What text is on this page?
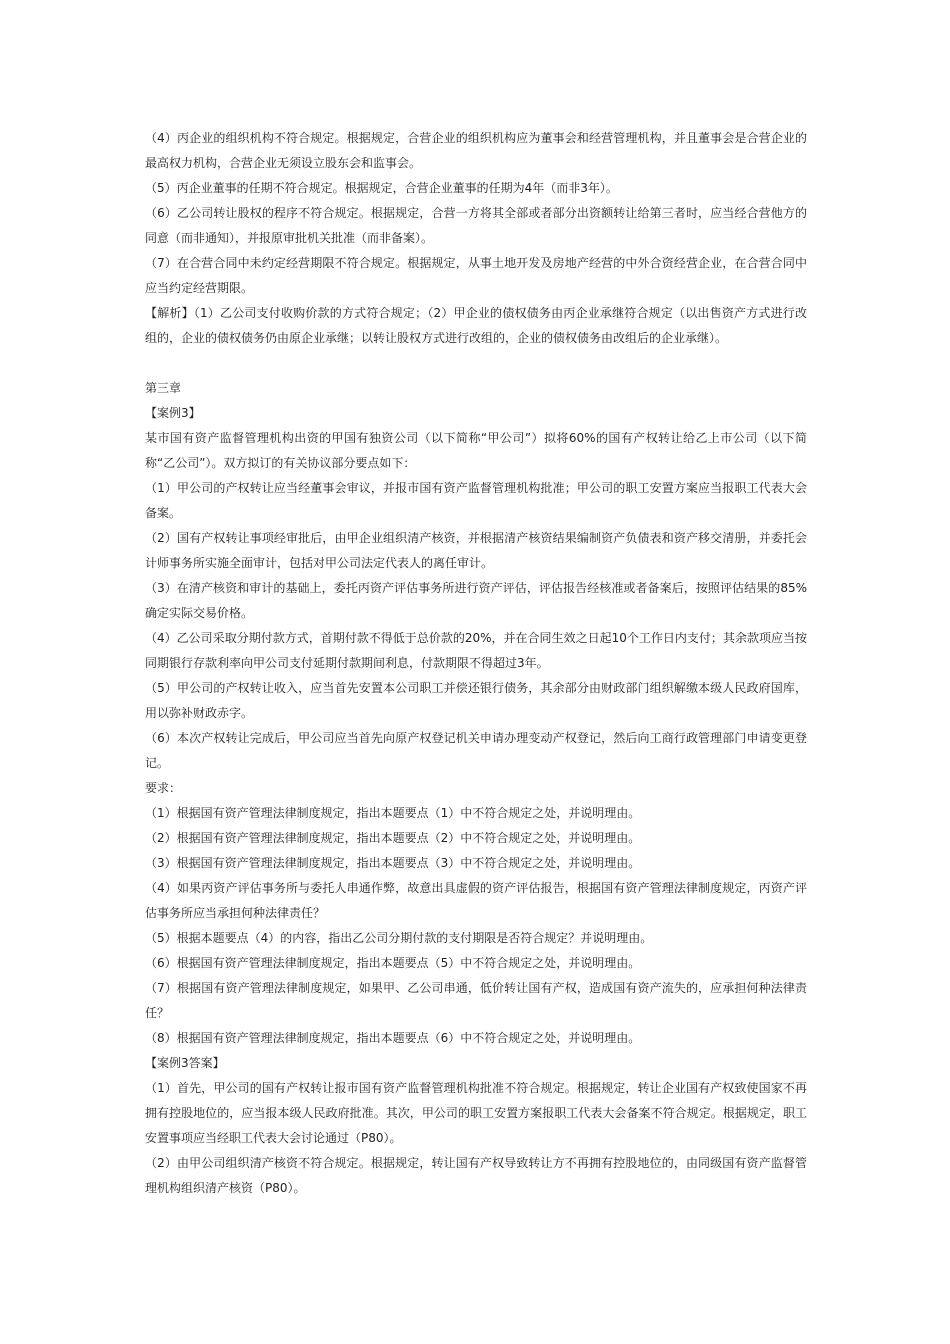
（4）丙企业的组织机构不符合规定。根据规定，合营企业的组织机构应为董事会和经营管理机构，并且董事会是合营企业的最高权力机构，合营企业无须设立股东会和监事会。

（5）丙企业董事的任期不符合规定。根据规定，合营企业董事的任期为4年（而非3年）。

（6）乙公司转让股权的程序不符合规定。根据规定，合营一方将其全部或者部分出资额转让给第三者时，应当经合营他方的同意（而非通知），并报原审批机关批准（而非备案）。

（7）在合营合同中未约定经营期限不符合规定。根据规定，从事土地开发及房地产经营的中外合资经营企业，在合营合同中应当约定经营期限。

【解析】（1）乙公司支付收购价款的方式符合规定；（2）甲企业的债权债务由丙企业承继符合规定（以出售资产方式进行改组的，企业的债权债务仍由原企业承继；以转让股权方式进行改组的，企业的债权债务由改组后的企业承继）。

第三章

【案例3】

某市国有资产监督管理机构出资的甲国有独资公司（以下简称“甲公司”）拟将60%的国有产权转让给乙上市公司（以下简称“乙公司”）。双方拟订的有关协议部分要点如下：

（1）甲公司的产权转让应当经董事会审议，并报市国有资产监督管理机构批准；甲公司的职工安置方案应当报职工代表大会备案。

（2）国有产权转让事项经审批后，由甲企业组织清产核资，并根据清产核资结果编制资产负债表和资产移交清册，并委托会计师事务所实施全面审计，包括对甲公司法定代表人的离任审计。

（3）在清产核资和审计的基础上，委托丙资产评估事务所进行资产评估，评估报告经核准或者备案后，按照评估结果的85%确定实际交易价格。

（4）乙公司采取分期付款方式，首期付款不得低于总价款的20%，并在合同生效之日起10个工作日内支付；其余款项应当按同期银行存款利率向甲公司支付延期付款期间利息，付款期限不得超过3年。

（5）甲公司的产权转让收入，应当首先安置本公司职工并偿还银行债务，其余部分由财政部门组织解缴本级人民政府国库，用以弥补财政赤字。

（6）本次产权转让完成后，甲公司应当首先向原产权登记机关申请办理变动产权登记，然后向工商行政管理部门申请变更登记。

要求：

（1）根据国有资产管理法律制度规定，指出本题要点（1）中不符合规定之处，并说明理由。

（2）根据国有资产管理法律制度规定，指出本题要点（2）中不符合规定之处，并说明理由。

（3）根据国有资产管理法律制度规定，指出本题要点（3）中不符合规定之处，并说明理由。

（4）如果丙资产评估事务所与委托人串通作弊，故意出具虚假的资产评估报告，根据国有资产管理法律制度规定，丙资产评估事务所应当承担何种法律责任？

（5）根据本题要点（4）的内容，指出乙公司分期付款的支付期限是否符合规定？并说明理由。

（6）根据国有资产管理法律制度规定，指出本题要点（5）中不符合规定之处，并说明理由。

（7）根据国有资产管理法律制度规定，如果甲、乙公司串通，低价转让国有产权，造成国有资产流失的，应承担何种法律责任？

（8）根据国有资产管理法律制度规定，指出本题要点（6）中不符合规定之处，并说明理由。

【案例3答案】

（1）首先，甲公司的国有产权转让报市国有资产监督管理机构批准不符合规定。根据规定，转让企业国有产权致使国家不再拥有控股地位的，应当报本级人民政府批准。其次，甲公司的职工安置方案报职工代表大会备案不符合规定。根据规定，职工安置事项应当经职工代表大会讨论通过（P80）。

（2）由甲公司组织清产核资不符合规定。根据规定，转让国有产权导致转让方不再拥有控股地位的，由同级国有资产监督管理机构组织清产核资（P80）。
